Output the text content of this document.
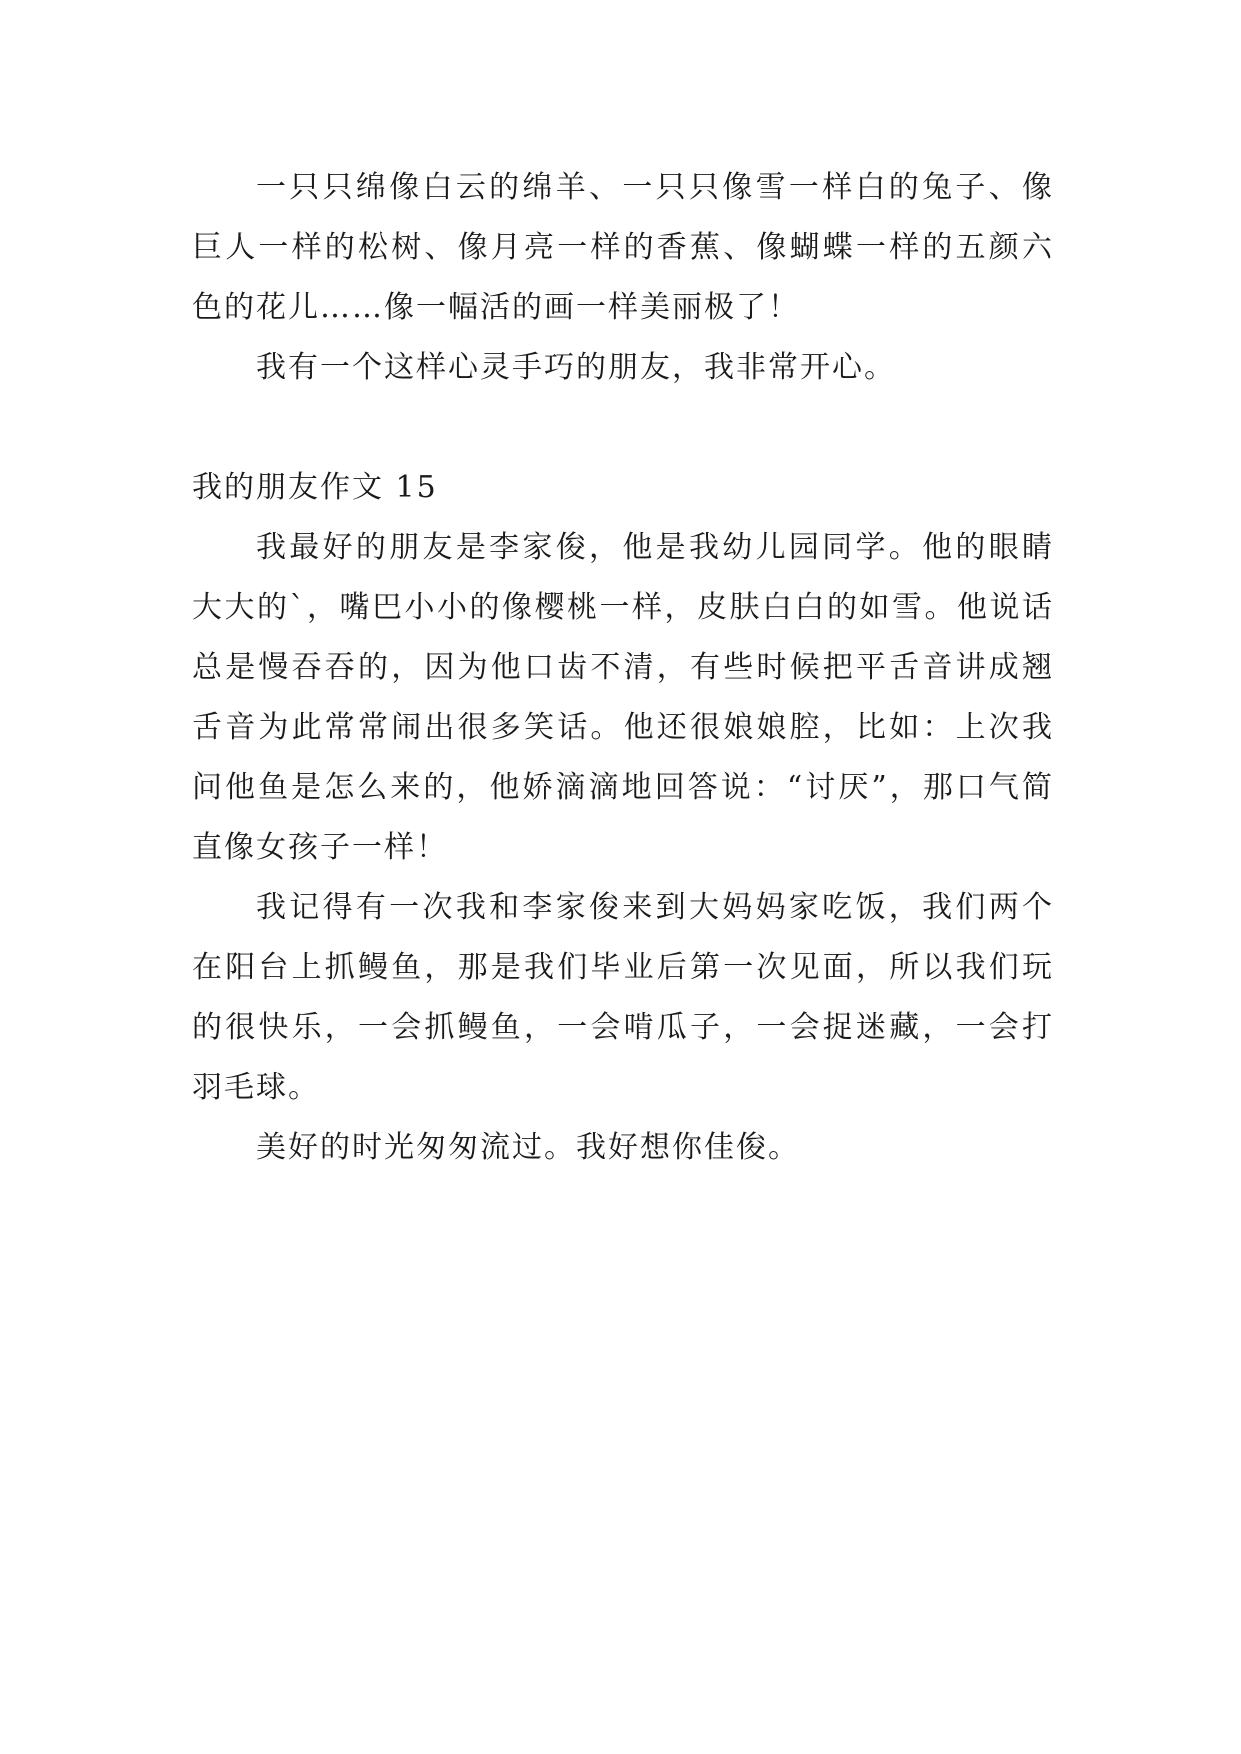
一只只绵像白云的绵羊、一只只像雪一样白的兔子、像巨人一样的松树、像月亮一样的香蕉、像蝴蝶一样的五颜六色的花儿……像一幅活的画一样美丽极了！

我有一个这样心灵手巧的朋友，我非常开心。

我的朋友作文 15

我最好的朋友是李家俊，他是我幼儿园同学。他的眼睛大大的`，嘴巴小小的像樱桃一样，皮肤白白的如雪。他说话总是慢吞吞的，因为他口齿不清，有些时候把平舌音讲成翘舌音为此常常闹出很多笑话。他还很娘娘腔，比如：上次我问他鱼是怎么来的，他娇滴滴地回答说：“讨厌”，那口气简直像女孩子一样！

我记得有一次我和李家俊来到大妈妈家吃饭，我们两个在阳台上抓鳗鱼，那是我们毕业后第一次见面，所以我们玩的很快乐，一会抓鳗鱼，一会啃瓜子，一会捉迷藏，一会打羽毛球。

美好的时光匆匆流过。我好想你佳俊。
